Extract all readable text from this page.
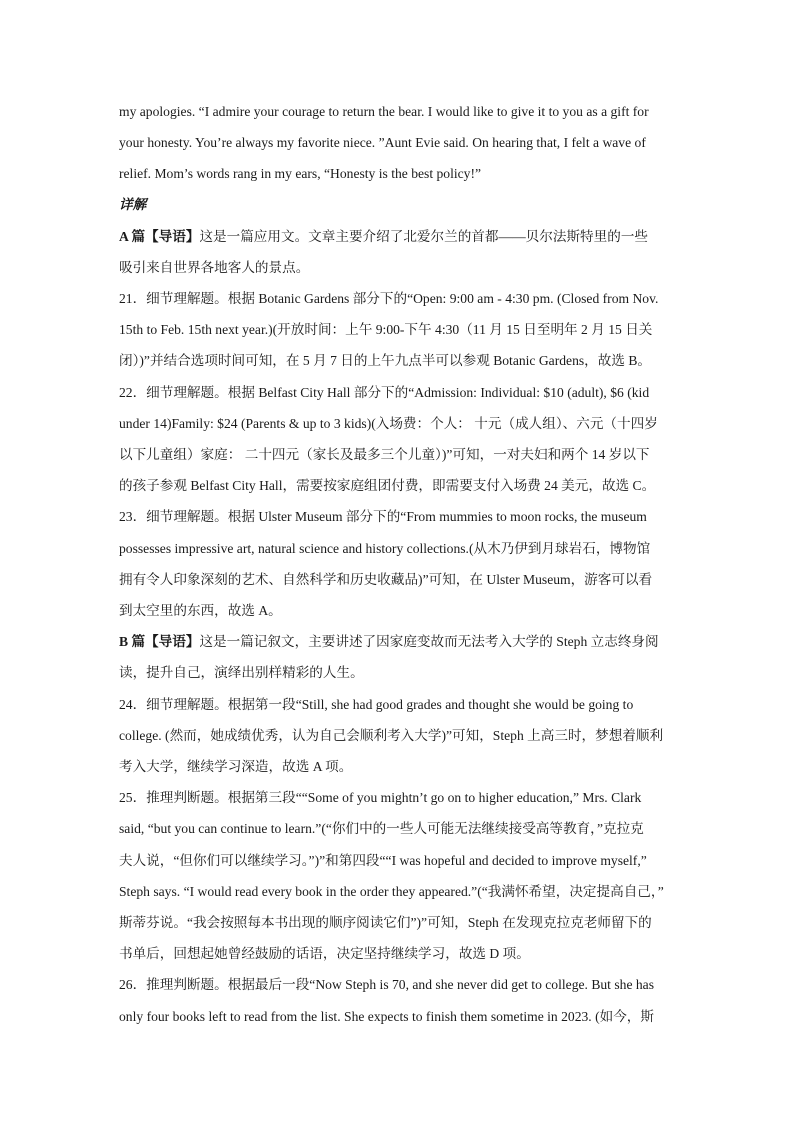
my apologies. “I admire your courage to return the bear. I would like to give it to you as a gift for
your honesty. You’re always my favorite niece. ”Aunt Evie said. On hearing that, I felt a wave of
relief. Mom’s words rang in my ears, “Honesty is the best policy!”
详解
A 篇【导语】这是一篇应用文。文章主要介绍了北爱尔兰的首都——贝尔法斯特里的一些
吸引来自世界各地客人的景点。
21．细节理解题。根据 Botanic Gardens 部分下的“Open: 9:00 am - 4:30 pm. (Closed from Nov.
15th to Feb. 15th next year.)(开放时间：上午 9:00-下午 4:30（11 月 15 日至明年 2 月 15 日关
闭）)”并结合选项时间可知，在 5 月 7 日的上午九点半可以参观 Botanic Gardens，故选 B。
22．细节理解题。根据 Belfast City Hall 部分下的“Admission: Individual: $10 (adult), $6 (kid
under 14)Family: $24 (Parents & up to 3 kids)(入场费：个人： 十元（成人组）、六元（十四岁
以下儿童组）家庭： 二十四元（家长及最多三个儿童）)”可知，一对夫妇和两个 14 岁以下
的孩子参观 Belfast City Hall，需要按家庭组团付费，即需要支付入场费 24 美元，故选 C。
23．细节理解题。根据 Ulster Museum 部分下的“From mummies to moon rocks, the museum
possesses impressive art, natural science and history collections.(从木乃伊到月球岩石，博物馆
拥有令人印象深刻的艺术、自然科学和历史收藏品)”可知，在 Ulster Museum，游客可以看
到太空里的东西，故选 A。
B 篇【导语】这是一篇记叙文，主要讲述了因家庭变故而无法考入大学的 Steph 立志终身阅
读，提升自己，演绎出别样精彩的人生。
24．细节理解题。根据第一段“Still, she had good grades and thought she would be going to
college. (然而，她成绩优秀，认为自己会顺利考入大学)”可知，Steph 上高三时，梦想着顺利
考入大学，继续学习深造，故选 A 项。
25．推理判断题。根据第三段““Some of you mightn’t go on to higher education,” Mrs. Clark
said, “but you can continue to learn.”(“你们中的一些人可能无法继续接受高等教育，”克拉克
夫人说，“但你们可以继续学习。”)”和第四段““I was hopeful and decided to improve myself,”
Steph says. “I would read every book in the order they appeared.”(“我满怀希望，决定提高自己，”
斯蒂芬说。“我会按照每本书出现的顺序阅读它们”)”可知，Steph 在发现克拉克老师留下的
书单后，回想起她曾经鼓励的话语，决定坚持继续学习，故选 D 项。
26．推理判断题。根据最后一段“Now Steph is 70, and she never did get to college. But she has
only four books left to read from the list. She expects to finish them sometime in 2023. (如今，斯
